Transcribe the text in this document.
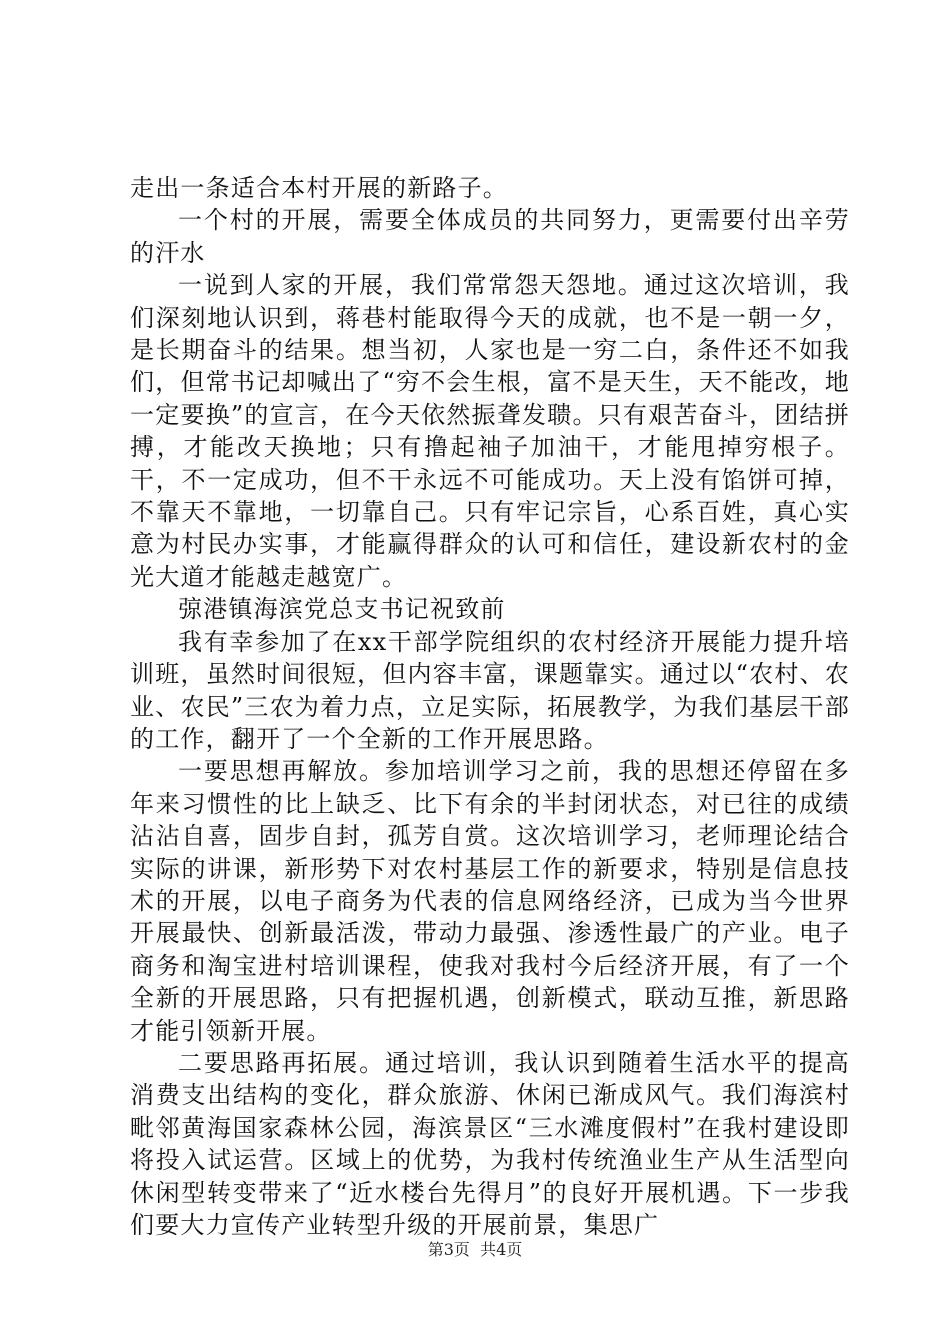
走出一条适合本村开展的新路子。

一个村的开展，需要全体成员的共同努力，更需要付出辛劳的汗水

一说到人家的开展，我们常常怨天怨地。通过这次培训，我们深刻地认识到，蒋巷村能取得今天的成就，也不是一朝一夕，是长期奋斗的结果。想当初，人家也是一穷二白，条件还不如我们，但常书记却喊出了“穷不会生根，富不是天生，天不能改，地一定要换”的宣言，在今天依然振聋发聩。只有艰苦奋斗，团结拼搏，才能改天换地；只有撸起袖子加油干，才能甩掉穷根子。干，不一定成功，但不干永远不可能成功。天上没有馅饼可掉，不靠天不靠地，一切靠自己。只有牢记宗旨，心系百姓，真心实意为村民办实事，才能赢得群众的认可和信任，建设新农村的金光大道才能越走越宽广。

弶港镇海滨党总支书记祝致前

我有幸参加了在xx干部学院组织的农村经济开展能力提升培训班，虽然时间很短，但内容丰富，课题靠实。通过以“农村、农业、农民”三农为着力点，立足实际，拓展教学，为我们基层干部的工作，翻开了一个全新的工作开展思路。

一要思想再解放。参加培训学习之前，我的思想还停留在多年来习惯性的比上缺乏、比下有余的半封闭状态，对已往的成绩沾沾自喜，固步自封，孤芳自赏。这次培训学习，老师理论结合实际的讲课，新形势下对农村基层工作的新要求，特别是信息技术的开展，以电子商务为代表的信息网络经济，已成为当今世界开展最快、创新最活泼，带动力最强、渗透性最广的产业。电子商务和淘宝进村培训课程，使我对我村今后经济开展，有了一个全新的开展思路，只有把握机遇，创新模式，联动互推，新思路才能引领新开展。

二要思路再拓展。通过培训，我认识到随着生活水平的提高消费支出结构的变化，群众旅游、休闲已渐成风气。我们海滨村毗邻黄海国家森林公园，海滨景区“三水滩度假村”在我村建设即将投入试运营。区域上的优势，为我村传统渔业生产从生活型向休闲型转变带来了“近水楼台先得月”的良好开展机遇。下一步我们要大力宣传产业转型升级的开展前景，集思广

第3页  共4页
